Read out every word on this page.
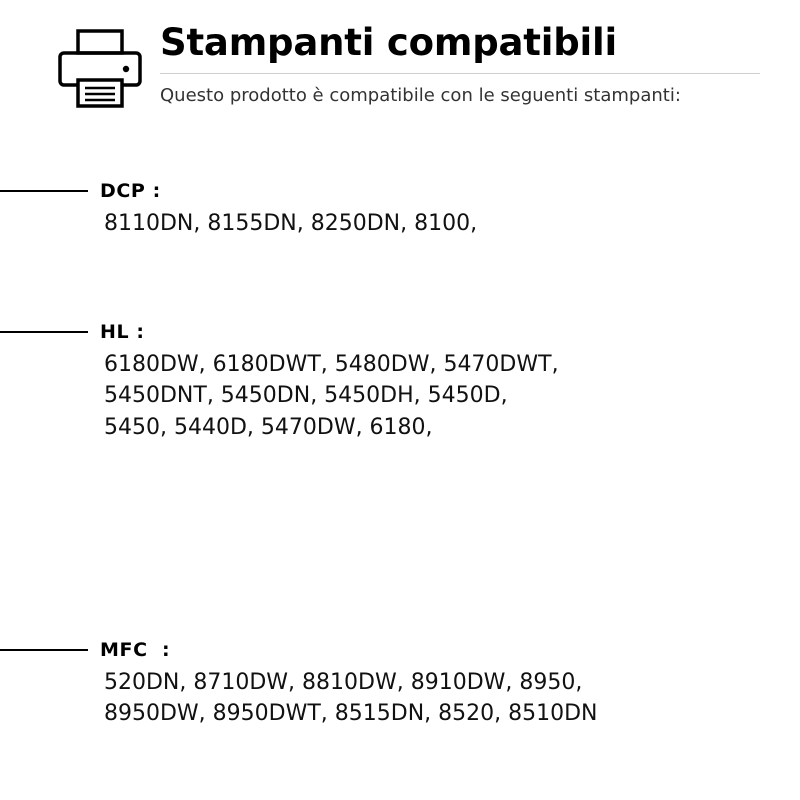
Stampanti compatibili

Questo prodotto è compatibile con le seguenti stampanti:

DCP :
8110DN, 8155DN, 8250DN, 8100,
HL :
6180DW, 6180DWT, 5480DW, 5470DWT,
5450DNT, 5450DN, 5450DH, 5450D,
5450, 5440D, 5470DW, 6180,
MFC  :
520DN, 8710DW, 8810DW, 8910DW, 8950,
8950DW, 8950DWT, 8515DN, 8520, 8510DN
